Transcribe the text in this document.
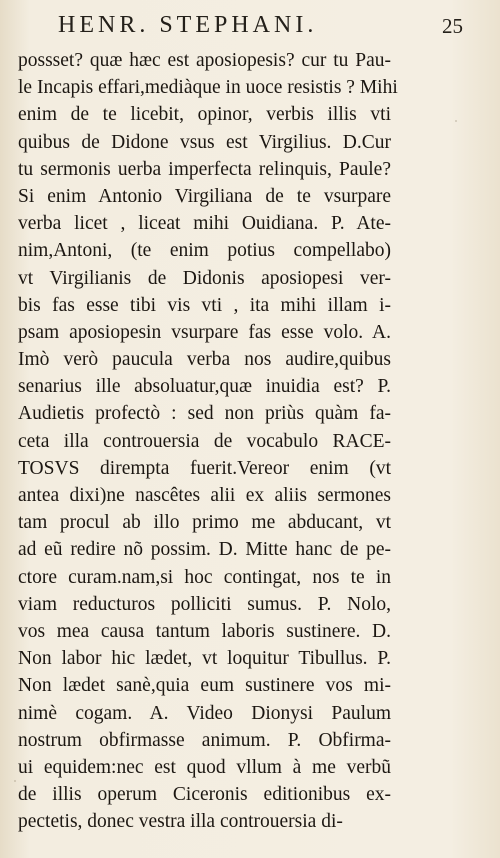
HENR. STEPHANI.	25
possset? quæ hæc est aposiopesis? cur tu Pau-
le Incapis effari,mediàque in uoce resistis ? Mihi
enim de te licebit, opinor, verbis illis vti
quibus de Didone vsus est Virgilius. D.Cur
tu sermonis uerba imperfecta relinquis, Paule?
Si enim Antonio Virgiliana de te vsurpare
verba licet , liceat mihi Ouidiana. P. Ate-
nim,Antoni, (te enim potius compellabo)
vt Virgilianis de Didonis aposiopesi ver-
bis fas esse tibi vis vti , ita mihi illam i-
psam aposiopesin vsurpare fas esse volo. A.
Imò verò paucula verba nos audire,quibus
senarius ille absoluatur,quæ inuidia est? P.
Audietis profectò : sed non priùs quàm fa-
ceta illa controuersia de vocabulo RACE-
TOSVS dirempta fuerit.Vereor enim (vt
antea dixi)ne nascêtes alii ex aliis sermones
tam procul ab illo primo me abducant, vt
ad eũ redire nõ possim. D. Mitte hanc de pe-
ctore curam.nam,si hoc contingat, nos te in
viam reducturos polliciti sumus. P. Nolo,
vos mea causa tantum laboris sustinere. D.
Non labor hic lædet, vt loquitur Tibullus. P.
Non lædet sanè,quia eum sustinere vos mi-
nimè cogam. A. Video Dionysi Paulum
nostrum obfirmasse animum. P. Obfirma-
ui equidem:nec est quod vllum à me verbũ
de illis operum Ciceronis editionibus ex-
pectetis, donec vestra illa controuersia di-
